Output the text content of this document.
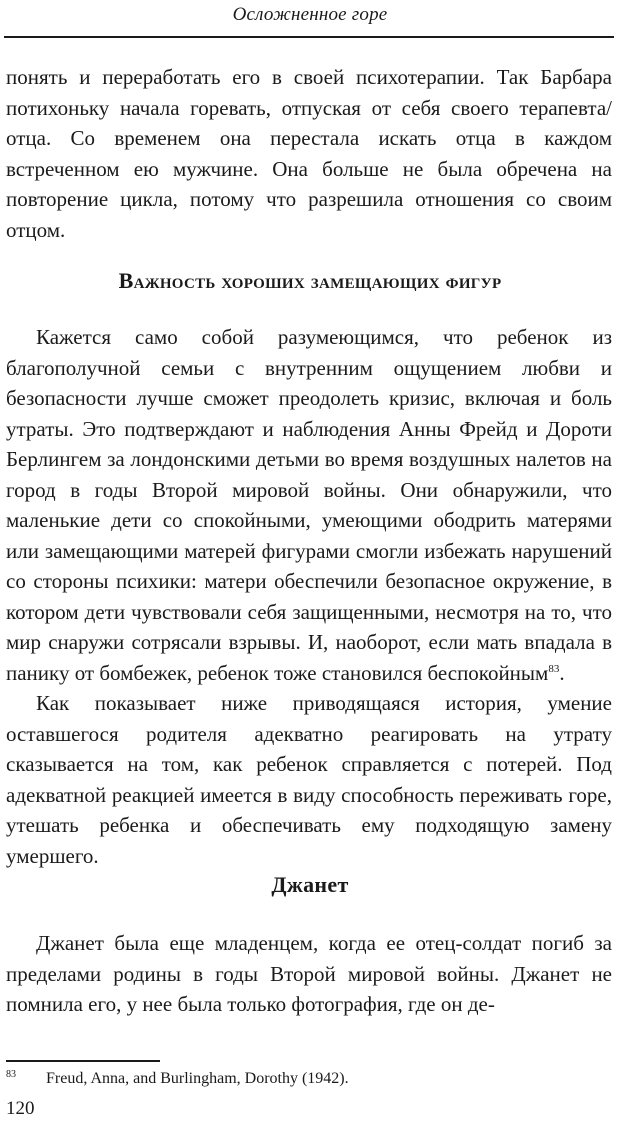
Осложненное горе

понять и переработать его в своей психотерапии. Так Барбара потихоньку начала горевать, отпуская от себя своего терапевта/отца. Со временем она перестала искать отца в каждом встреченном ею мужчине. Она больше не была обречена на повторение цикла, потому что разрешила отношения со своим отцом.

Важность хороших замещающих фигур

Кажется само собой разумеющимся, что ребенок из благополучной семьи с внутренним ощущением любви и безопасности лучше сможет преодолеть кризис, включая и боль утраты. Это подтверждают и наблюдения Анны Фрейд и Дороти Берлингем за лондонскими детьми во время воздушных налетов на город в годы Второй мировой войны. Они обнаружили, что маленькие дети со спокойными, умеющими ободрить матерями или замещающими матерей фигурами смогли избежать нарушений со стороны психики: матери обеспечили безопасное окружение, в котором дети чувствовали себя защищенными, несмотря на то, что мир снаружи сотрясали взрывы. И, наоборот, если мать впадала в панику от бомбежек, ребенок тоже становился беспокойным$^{83}$.

Как показывает ниже приводящаяся история, умение оставшегося родителя адекватно реагировать на утрату сказывается на том, как ребенок справляется с потерей. Под адекватной реакцией имеется в виду способность переживать горе, утешать ребенка и обеспечивать ему подходящую замену умершего.

Джанет

Джанет была еще младенцем, когда ее отец-солдат погиб за пределами родины в годы Второй мировой войны. Джанет не помнила его, у нее была только фотография, где он де-

83 Freud, Anna, and Burlingham, Dorothy (1942).
120
